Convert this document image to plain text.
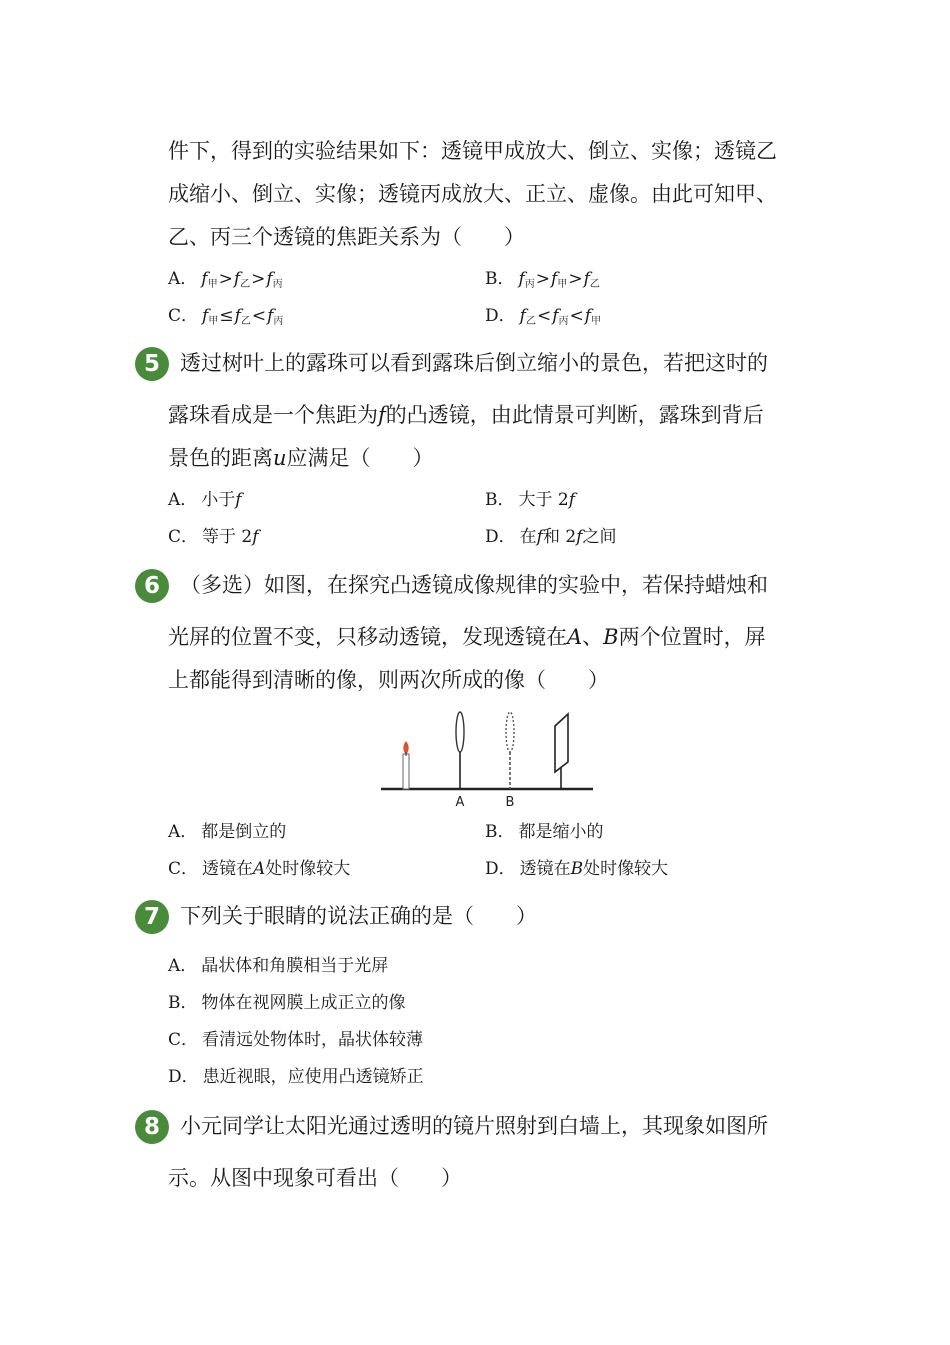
件下，得到的实验结果如下：透镜甲成放大、倒立、实像；透镜乙
成缩小、倒立、实像；透镜丙成放大、正立、虚像。由此可知甲、
乙、丙三个透镜的焦距关系为（　　）
A． $f_甲>f_乙>f_丙$	B． $f_丙>f_甲>f_乙$
C． $f_甲\le f_乙<f_丙$	D． $f_乙<f_丙<f_甲$
5 透过树叶上的露珠可以看到露珠后倒立缩小的景色，若把这时的
露珠看成是一个焦距为f的凸透镜，由此情景可判断，露珠到背后
景色的距离u应满足（　　）
A． 小于f	B． 大于 2f
C． 等于 2f	D． 在f和 2f之间
6 （多选）如图，在探究凸透镜成像规律的实验中，若保持蜡烛和
光屏的位置不变，只移动透镜，发现透镜在A、B两个位置时，屏
上都能得到清晰的像，则两次所成的像（　　）
A	B
A． 都是倒立的	B． 都是缩小的
C． 透镜在A处时像较大	D． 透镜在B处时像较大
7 下列关于眼睛的说法正确的是（　　）
A． 晶状体和角膜相当于光屏
B． 物体在视网膜上成正立的像
C． 看清远处物体时，晶状体较薄
D． 患近视眼，应使用凸透镜矫正
8 小元同学让太阳光通过透明的镜片照射到白墙上，其现象如图所
示。从图中现象可看出（　　）
